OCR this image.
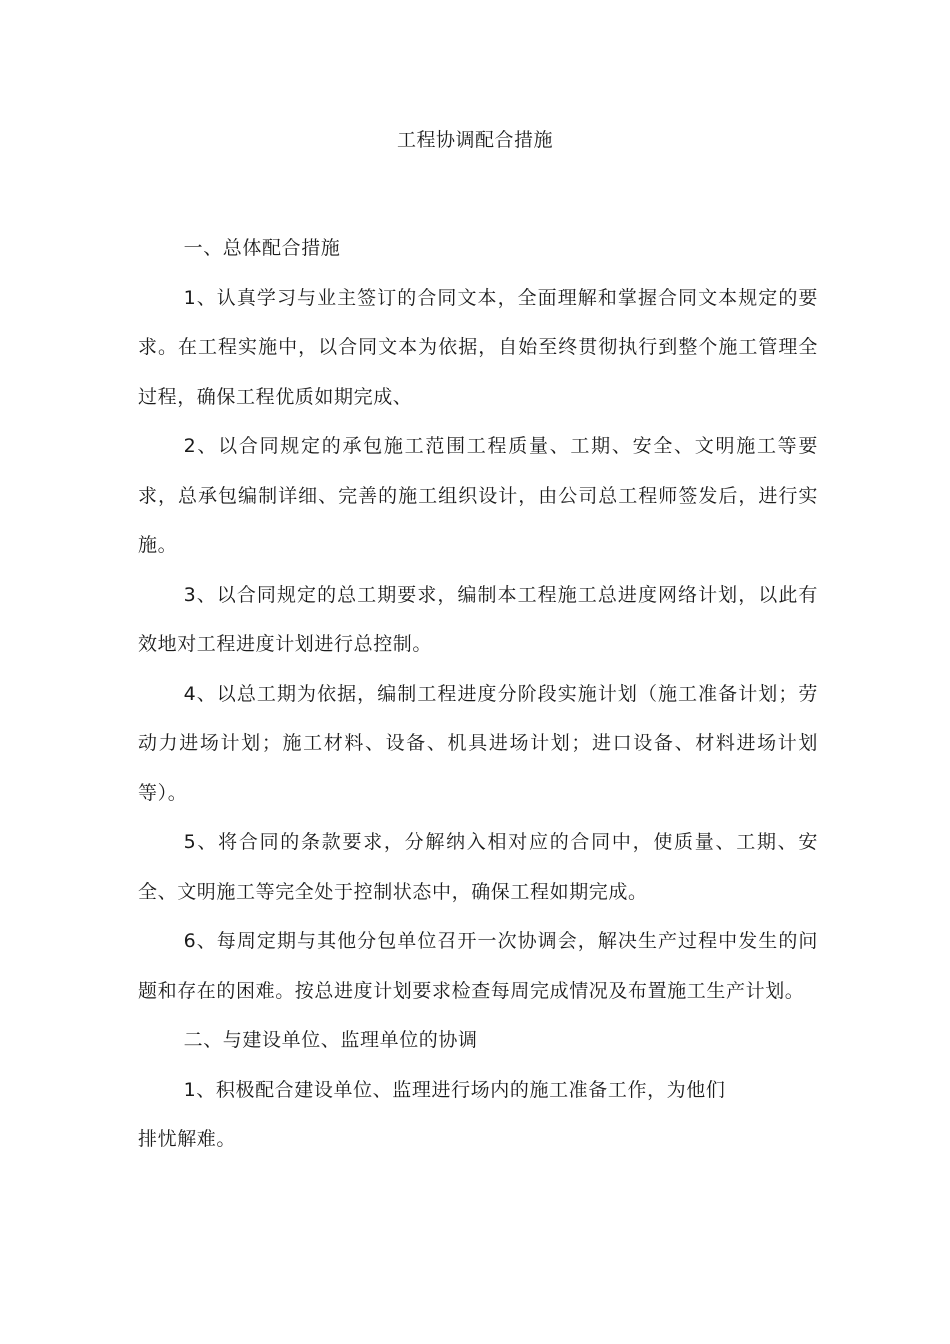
工程协调配合措施

一、总体配合措施

1、认真学习与业主签订的合同文本，全面理解和掌握合同文本规定的要求。在工程实施中，以合同文本为依据，自始至终贯彻执行到整个施工管理全过程，确保工程优质如期完成、

2、以合同规定的承包施工范围工程质量、工期、安全、文明施工等要求，总承包编制详细、完善的施工组织设计，由公司总工程师签发后，进行实施。

3、以合同规定的总工期要求，编制本工程施工总进度网络计划，以此有效地对工程进度计划进行总控制。

4、以总工期为依据，编制工程进度分阶段实施计划（施工准备计划；劳动力进场计划；施工材料、设备、机具进场计划；进口设备、材料进场计划等）。

5、将合同的条款要求，分解纳入相对应的合同中，使质量、工期、安全、文明施工等完全处于控制状态中，确保工程如期完成。

6、每周定期与其他分包单位召开一次协调会，解决生产过程中发生的问题和存在的困难。按总进度计划要求检查每周完成情况及布置施工生产计划。

二、与建设单位、监理单位的协调

1、积极配合建设单位、监理进行场内的施工准备工作，为他们

排忧解难。
